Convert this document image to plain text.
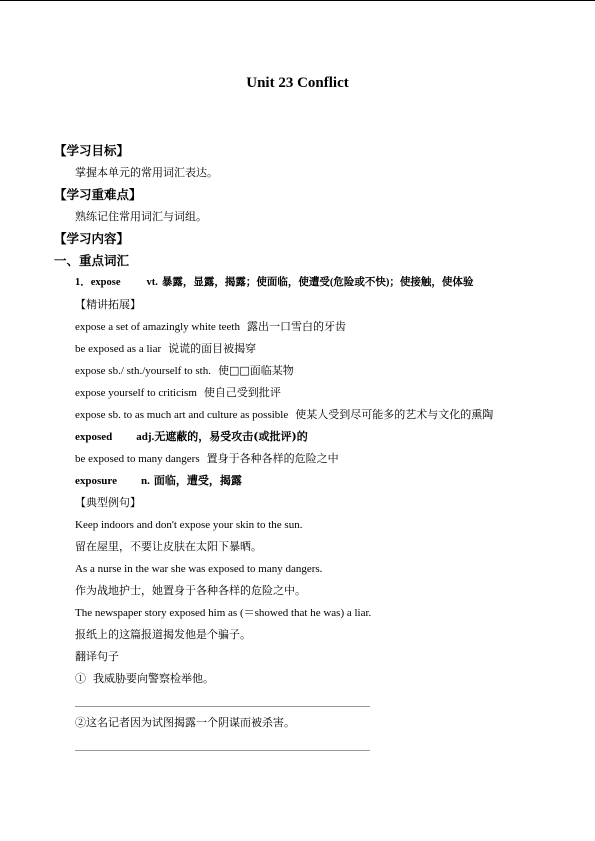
Unit 23 Conflict
【学习目标】
掌握本单元的常用词汇表达。
【学习重难点】
熟练记住常用词汇与词组。
【学习内容】
一、重点词汇
1．expose vt. 暴露，显露，揭露；使面临，使遭受(危险或不快)；使接触，使体验
【精讲拓展】
expose a set of amazingly white teeth 露出一口雪白的牙齿
be exposed as a liar 说谎的面目被揭穿
expose sb./ sth./yourself to sth. 使□□面临某物
expose yourself to criticism 使自己受到批评
expose sb. to as much art and culture as possible 使某人受到尽可能多的艺术与文化的熏陶
exposed adj.无遮蔽的，易受攻击(或批评)的
be exposed to many dangers 置身于各种各样的危险之中
exposure n. 面临，遭受，揭露
【典型例句】
Keep indoors and don't expose your skin to the sun.
留在屋里，不要让皮肤在太阳下暴晒。
As a nurse in the war she was exposed to many dangers.
作为战地护士，她置身于各种各样的危险之中。
The newspaper story exposed him as (＝showed that he was) a liar.
报纸上的这篇报道揭发他是个骗子。
翻译句子
① 我威胁要向警察检举他。
②这名记者因为试图揭露一个阴谋而被杀害。
